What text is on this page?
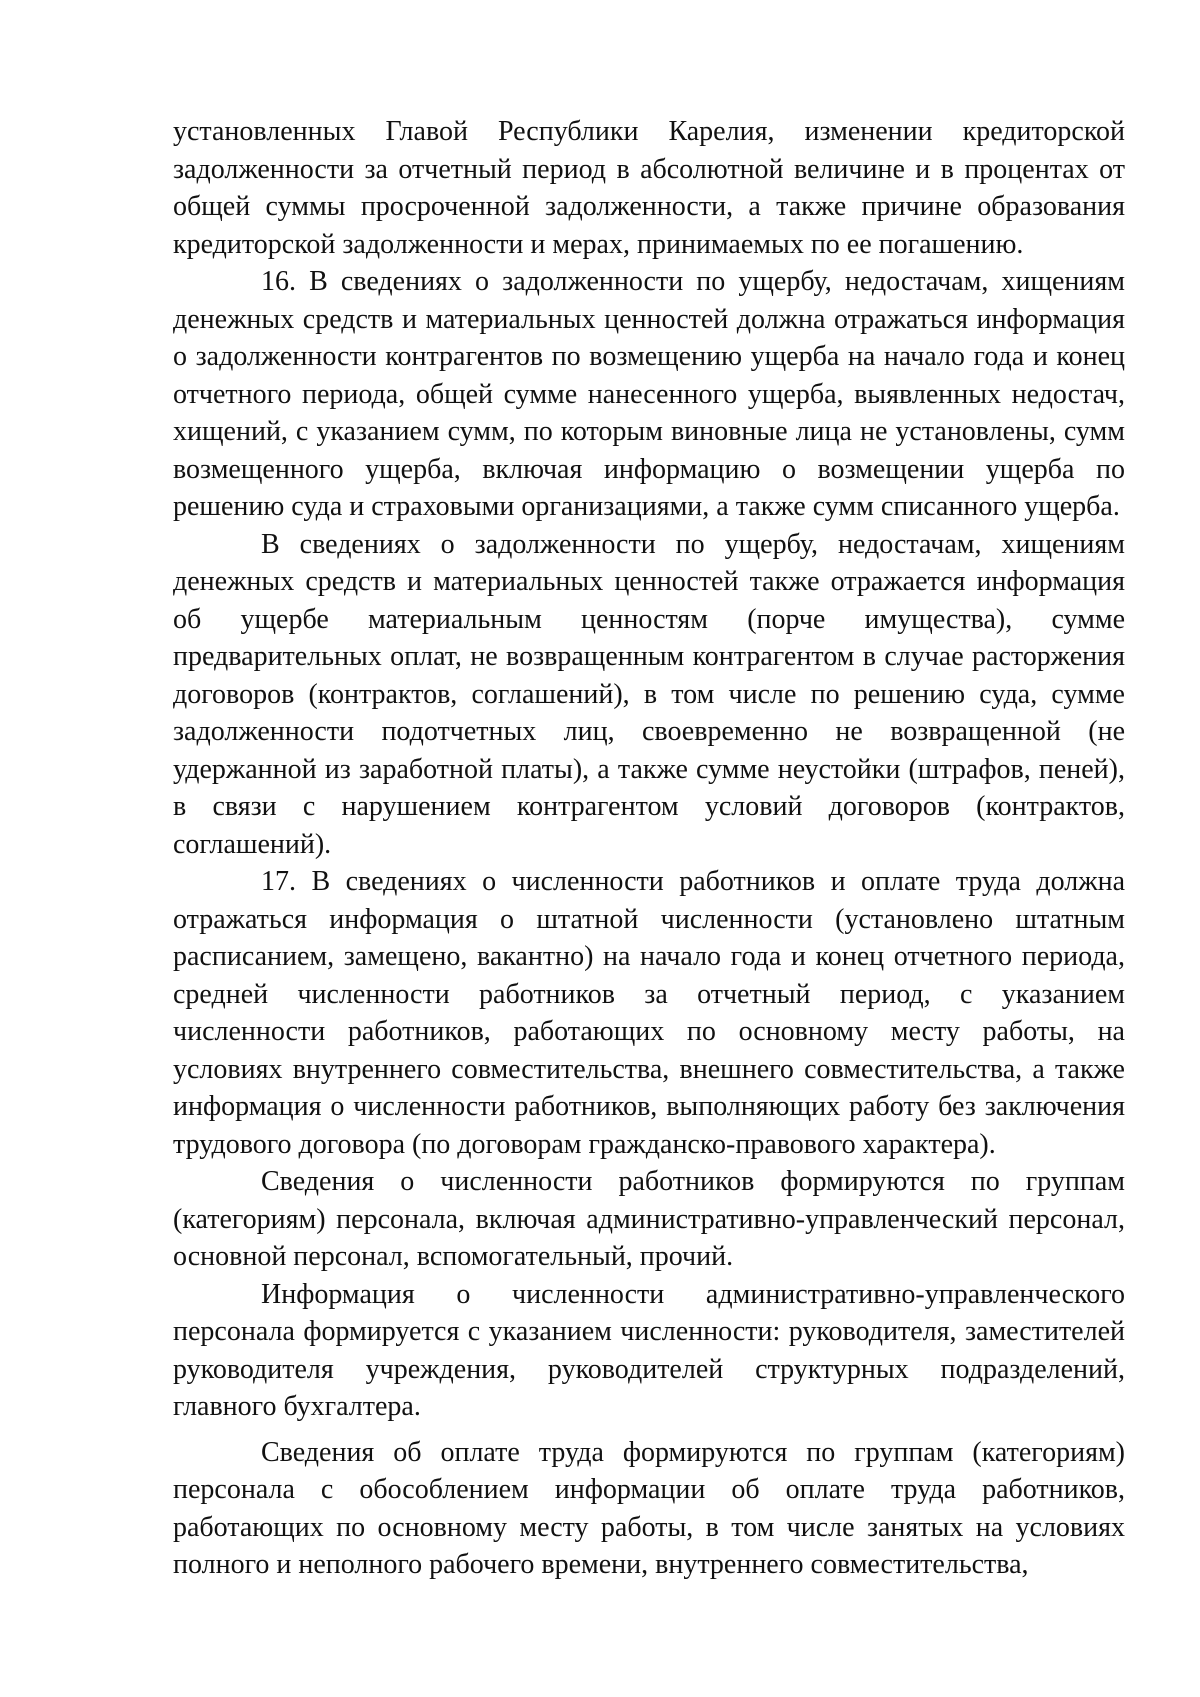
установленных Главой Республики Карелия, изменении кредиторской задолженности за отчетный период в абсолютной величине и в процентах от общей суммы просроченной задолженности, а также причине образования кредиторской задолженности и мерах, принимаемых по ее погашению.

16. В сведениях о задолженности по ущербу, недостачам, хищениям денежных средств и материальных ценностей должна отражаться информация о задолженности контрагентов по возмещению ущерба на начало года и конец отчетного периода, общей сумме нанесенного ущерба, выявленных недостач, хищений, с указанием сумм, по которым виновные лица не установлены, сумм возмещенного ущерба, включая информацию о возмещении ущерба по решению суда и страховыми организациями, а также сумм списанного ущерба.

В сведениях о задолженности по ущербу, недостачам, хищениям денежных средств и материальных ценностей также отражается информация об ущербе материальным ценностям (порче имущества), сумме предварительных оплат, не возвращенным контрагентом в случае расторжения договоров (контрактов, соглашений), в том числе по решению суда, сумме задолженности подотчетных лиц, своевременно не возвращенной (не удержанной из заработной платы), а также сумме неустойки (штрафов, пеней), в связи с нарушением контрагентом условий договоров (контрактов, соглашений).

17. В сведениях о численности работников и оплате труда должна отражаться информация о штатной численности (установлено штатным расписанием, замещено, вакантно) на начало года и конец отчетного периода, средней численности работников за отчетный период, с указанием численности работников, работающих по основному месту работы, на условиях внутреннего совместительства, внешнего совместительства, а также информация о численности работников, выполняющих работу без заключения трудового договора (по договорам гражданско-правового характера).

Сведения о численности работников формируются по группам (категориям) персонала, включая административно-управленческий персонал, основной персонал, вспомогательный, прочий.

Информация о численности административно-управленческого персонала формируется с указанием численности: руководителя, заместителей руководителя учреждения, руководителей структурных подразделений, главного бухгалтера.

Сведения об оплате труда формируются по группам (категориям) персонала с обособлением информации об оплате труда работников, работающих по основному месту работы, в том числе занятых на условиях полного и неполного рабочего времени, внутреннего совместительства,
